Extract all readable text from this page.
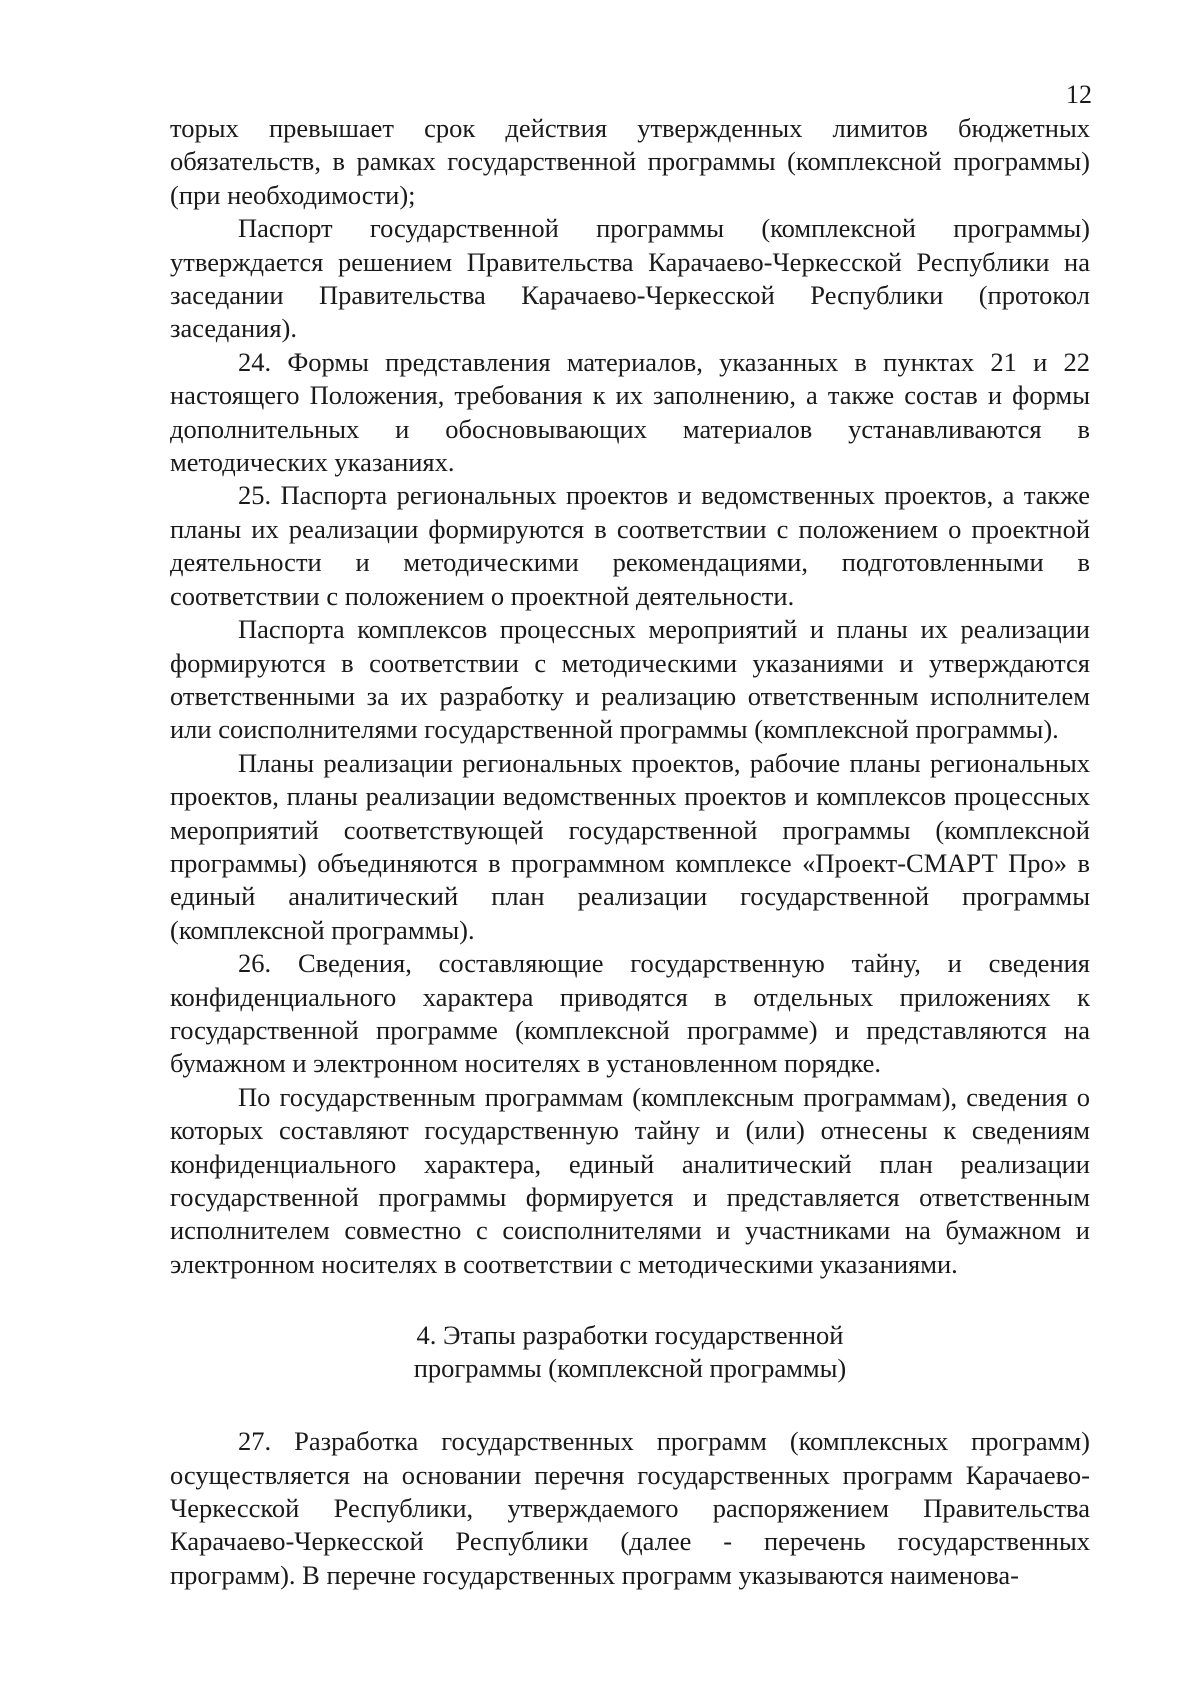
12

торых превышает срок действия утвержденных лимитов бюджетных обязательств, в рамках государственной программы (комплексной программы) (при необходимости);

Паспорт государственной программы (комплексной программы) утверждается решением Правительства Карачаево-Черкесской Республики на заседании Правительства Карачаево-Черкесской Республики (протокол заседания).

24. Формы представления материалов, указанных в пунктах 21 и 22 настоящего Положения, требования к их заполнению, а также состав и формы дополнительных и обосновывающих материалов устанавливаются в методических указаниях.

25. Паспорта региональных проектов и ведомственных проектов, а также планы их реализации формируются в соответствии с положением о проектной деятельности и методическими рекомендациями, подготовленными в соответствии с положением о проектной деятельности.

Паспорта комплексов процессных мероприятий и планы их реализации формируются в соответствии с методическими указаниями и утверждаются ответственными за их разработку и реализацию ответственным исполнителем или соисполнителями государственной программы (комплексной программы).

Планы реализации региональных проектов, рабочие планы региональных проектов, планы реализации ведомственных проектов и комплексов процессных мероприятий соответствующей государственной программы (комплексной программы) объединяются в программном комплексе «Проект-СМАРТ Про» в единый аналитический план реализации государственной программы (комплексной программы).

26. Сведения, составляющие государственную тайну, и сведения конфиденциального характера приводятся в отдельных приложениях к государственной программе (комплексной программе) и представляются на бумажном и электронном носителях в установленном порядке.

По государственным программам (комплексным программам), сведения о которых составляют государственную тайну и (или) отнесены к сведениям конфиденциального характера, единый аналитический план реализации государственной программы формируется и представляется ответственным исполнителем совместно с соисполнителями и участниками на бумажном и электронном носителях в соответствии с методическими указаниями.

4. Этапы разработки государственной
программы (комплексной программы)

27. Разработка государственных программ (комплексных программ) осуществляется на основании перечня государственных программ Карачаево-Черкесской Республики, утверждаемого распоряжением Правительства Карачаево-Черкесской Республики (далее - перечень государственных программ). В перечне государственных программ указываются наименова-
